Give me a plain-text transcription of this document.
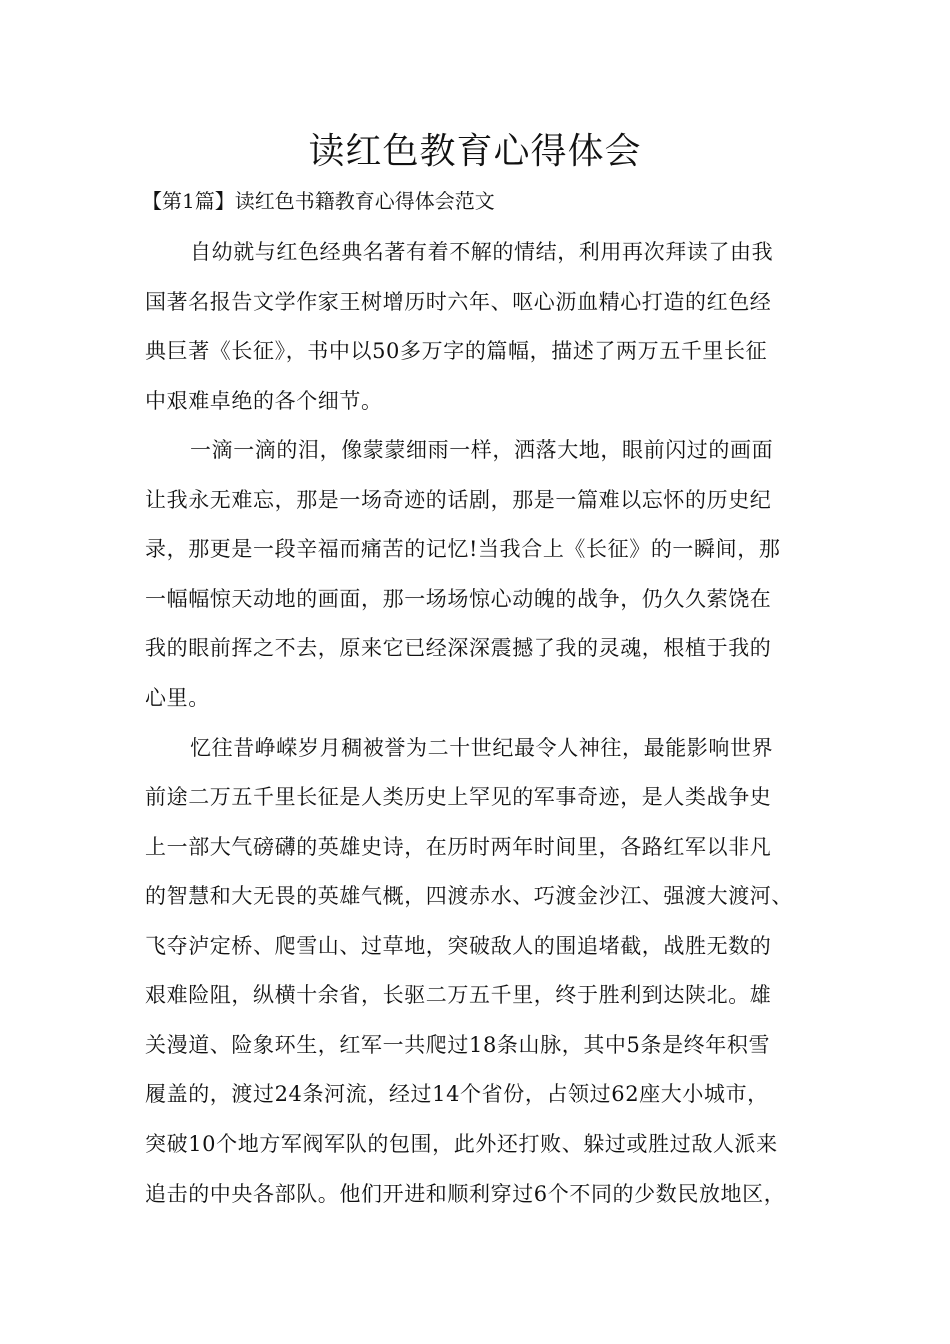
读红色教育心得体会
【第1篇】读红色书籍教育心得体会范文
自幼就与红色经典名著有着不解的情结，利用再次拜读了由我
国著名报告文学作家王树增历时六年、呕心沥血精心打造的红色经
典巨著《长征》，书中以50多万字的篇幅，描述了两万五千里长征
中艰难卓绝的各个细节。
一滴一滴的泪，像蒙蒙细雨一样，洒落大地，眼前闪过的画面
让我永无难忘，那是一场奇迹的话剧，那是一篇难以忘怀的历史纪
录，那更是一段辛福而痛苦的记忆!当我合上《长征》的一瞬间，那
一幅幅惊天动地的画面，那一场场惊心动魄的战争，仍久久萦饶在
我的眼前挥之不去，原来它已经深深震撼了我的灵魂，根植于我的
心里。
忆往昔峥嵘岁月稠被誉为二十世纪最令人神往，最能影响世界
前途二万五千里长征是人类历史上罕见的军事奇迹，是人类战争史
上一部大气磅礴的英雄史诗，在历时两年时间里，各路红军以非凡
的智慧和大无畏的英雄气概，四渡赤水、巧渡金沙江、强渡大渡河、
飞夺泸定桥、爬雪山、过草地，突破敌人的围追堵截，战胜无数的
艰难险阻，纵横十余省，长驱二万五千里，终于胜利到达陕北。雄
关漫道、险象环生，红军一共爬过18条山脉，其中5条是终年积雪
履盖的，渡过24条河流，经过14个省份，占领过62座大小城市，
突破10个地方军阀军队的包围，此外还打败、躲过或胜过敌人派来
追击的中央各部队。他们开进和顺利穿过6个不同的少数民放地区，
